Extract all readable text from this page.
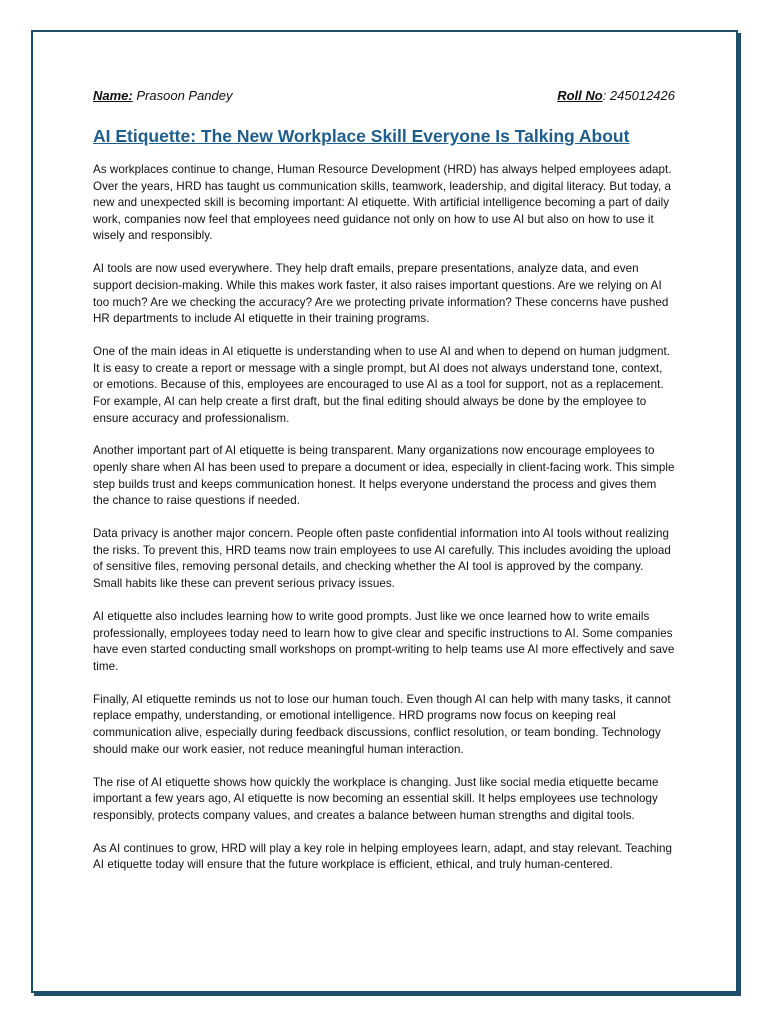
Name: Prasoon Pandey	Roll No: 245012426
AI Etiquette: The New Workplace Skill Everyone Is Talking About

As workplaces continue to change, Human Resource Development (HRD) has always helped employees adapt. Over the years, HRD has taught us communication skills, teamwork, leadership, and digital literacy. But today, a new and unexpected skill is becoming important: AI etiquette. With artificial intelligence becoming a part of daily work, companies now feel that employees need guidance not only on how to use AI but also on how to use it wisely and responsibly.

AI tools are now used everywhere. They help draft emails, prepare presentations, analyze data, and even support decision-making. While this makes work faster, it also raises important questions. Are we relying on AI too much? Are we checking the accuracy? Are we protecting private information? These concerns have pushed HR departments to include AI etiquette in their training programs.

One of the main ideas in AI etiquette is understanding when to use AI and when to depend on human judgment. It is easy to create a report or message with a single prompt, but AI does not always understand tone, context, or emotions. Because of this, employees are encouraged to use AI as a tool for support, not as a replacement. For example, AI can help create a first draft, but the final editing should always be done by the employee to ensure accuracy and professionalism.

Another important part of AI etiquette is being transparent. Many organizations now encourage employees to openly share when AI has been used to prepare a document or idea, especially in client-facing work. This simple step builds trust and keeps communication honest. It helps everyone understand the process and gives them the chance to raise questions if needed.

Data privacy is another major concern. People often paste confidential information into AI tools without realizing the risks. To prevent this, HRD teams now train employees to use AI carefully. This includes avoiding the upload of sensitive files, removing personal details, and checking whether the AI tool is approved by the company. Small habits like these can prevent serious privacy issues.

AI etiquette also includes learning how to write good prompts. Just like we once learned how to write emails professionally, employees today need to learn how to give clear and specific instructions to AI. Some companies have even started conducting small workshops on prompt-writing to help teams use AI more effectively and save time.

Finally, AI etiquette reminds us not to lose our human touch. Even though AI can help with many tasks, it cannot replace empathy, understanding, or emotional intelligence. HRD programs now focus on keeping real communication alive, especially during feedback discussions, conflict resolution, or team bonding. Technology should make our work easier, not reduce meaningful human interaction.

The rise of AI etiquette shows how quickly the workplace is changing. Just like social media etiquette became important a few years ago, AI etiquette is now becoming an essential skill. It helps employees use technology responsibly, protects company values, and creates a balance between human strengths and digital tools.

As AI continues to grow, HRD will play a key role in helping employees learn, adapt, and stay relevant. Teaching AI etiquette today will ensure that the future workplace is efficient, ethical, and truly human-centered.
